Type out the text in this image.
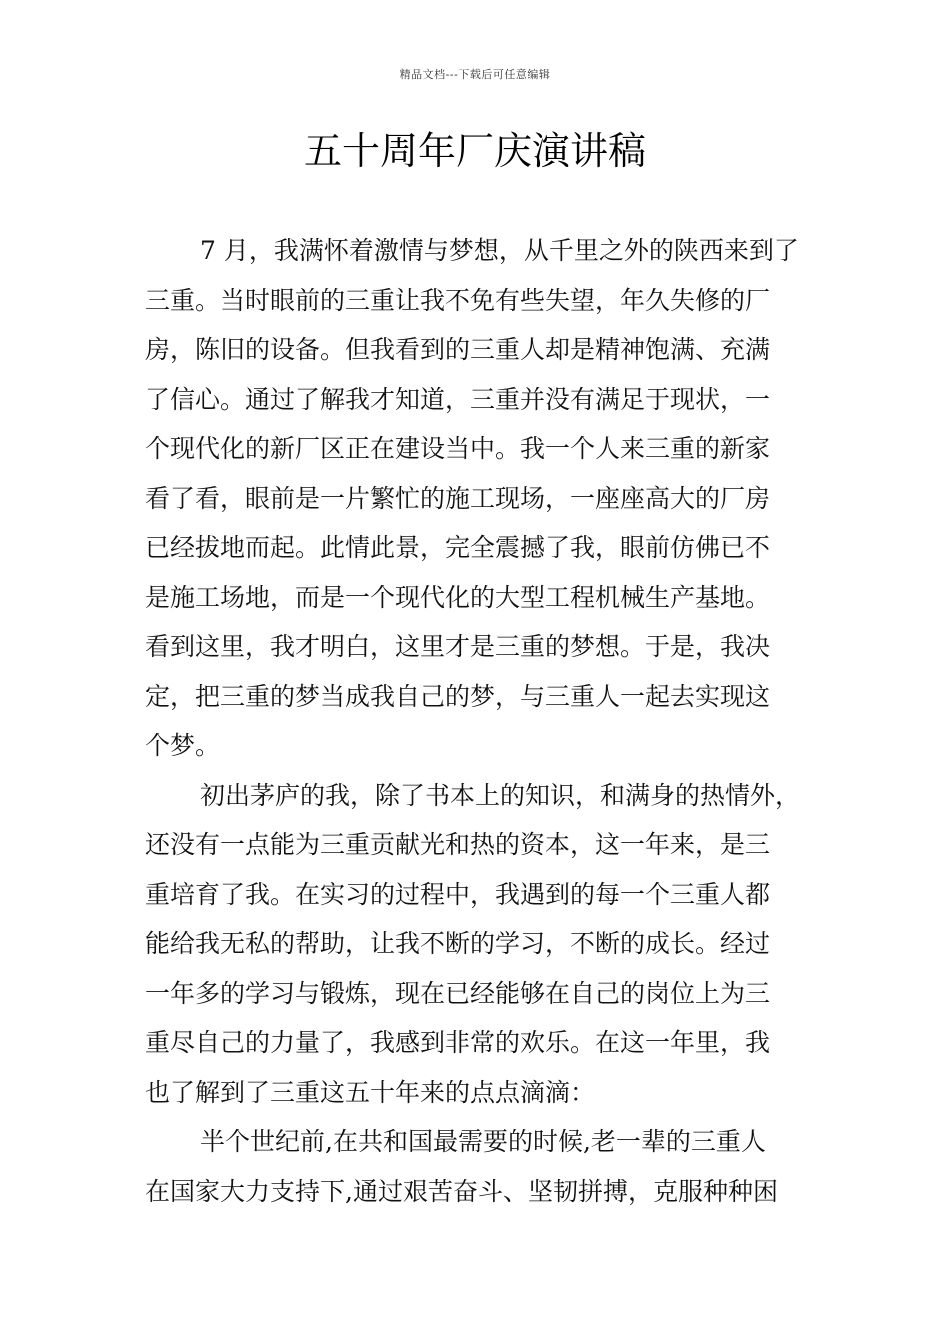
精品文档---下载后可任意编辑
五十周年厂庆演讲稿
7 月，我满怀着激情与梦想，从千里之外的陕西来到了
三重。当时眼前的三重让我不免有些失望，年久失修的厂
房，陈旧的设备。但我看到的三重人却是精神饱满、充满
了信心。通过了解我才知道，三重并没有满足于现状，一
个现代化的新厂区正在建设当中。我一个人来三重的新家
看了看，眼前是一片繁忙的施工现场，一座座高大的厂房
已经拔地而起。此情此景，完全震撼了我，眼前仿佛已不
是施工场地，而是一个现代化的大型工程机械生产基地。
看到这里，我才明白，这里才是三重的梦想。于是，我决
定，把三重的梦当成我自己的梦，与三重人一起去实现这
个梦。
初出茅庐的我，除了书本上的知识，和满身的热情外，
还没有一点能为三重贡献光和热的资本，这一年来，是三
重培育了我。在实习的过程中，我遇到的每一个三重人都
能给我无私的帮助，让我不断的学习，不断的成长。经过
一年多的学习与锻炼，现在已经能够在自己的岗位上为三
重尽自己的力量了，我感到非常的欢乐。在这一年里，我
也了解到了三重这五十年来的点点滴滴：
半个世纪前,在共和国最需要的时候,老一辈的三重人
在国家大力支持下,通过艰苦奋斗、坚韧拼搏，克服种种困
